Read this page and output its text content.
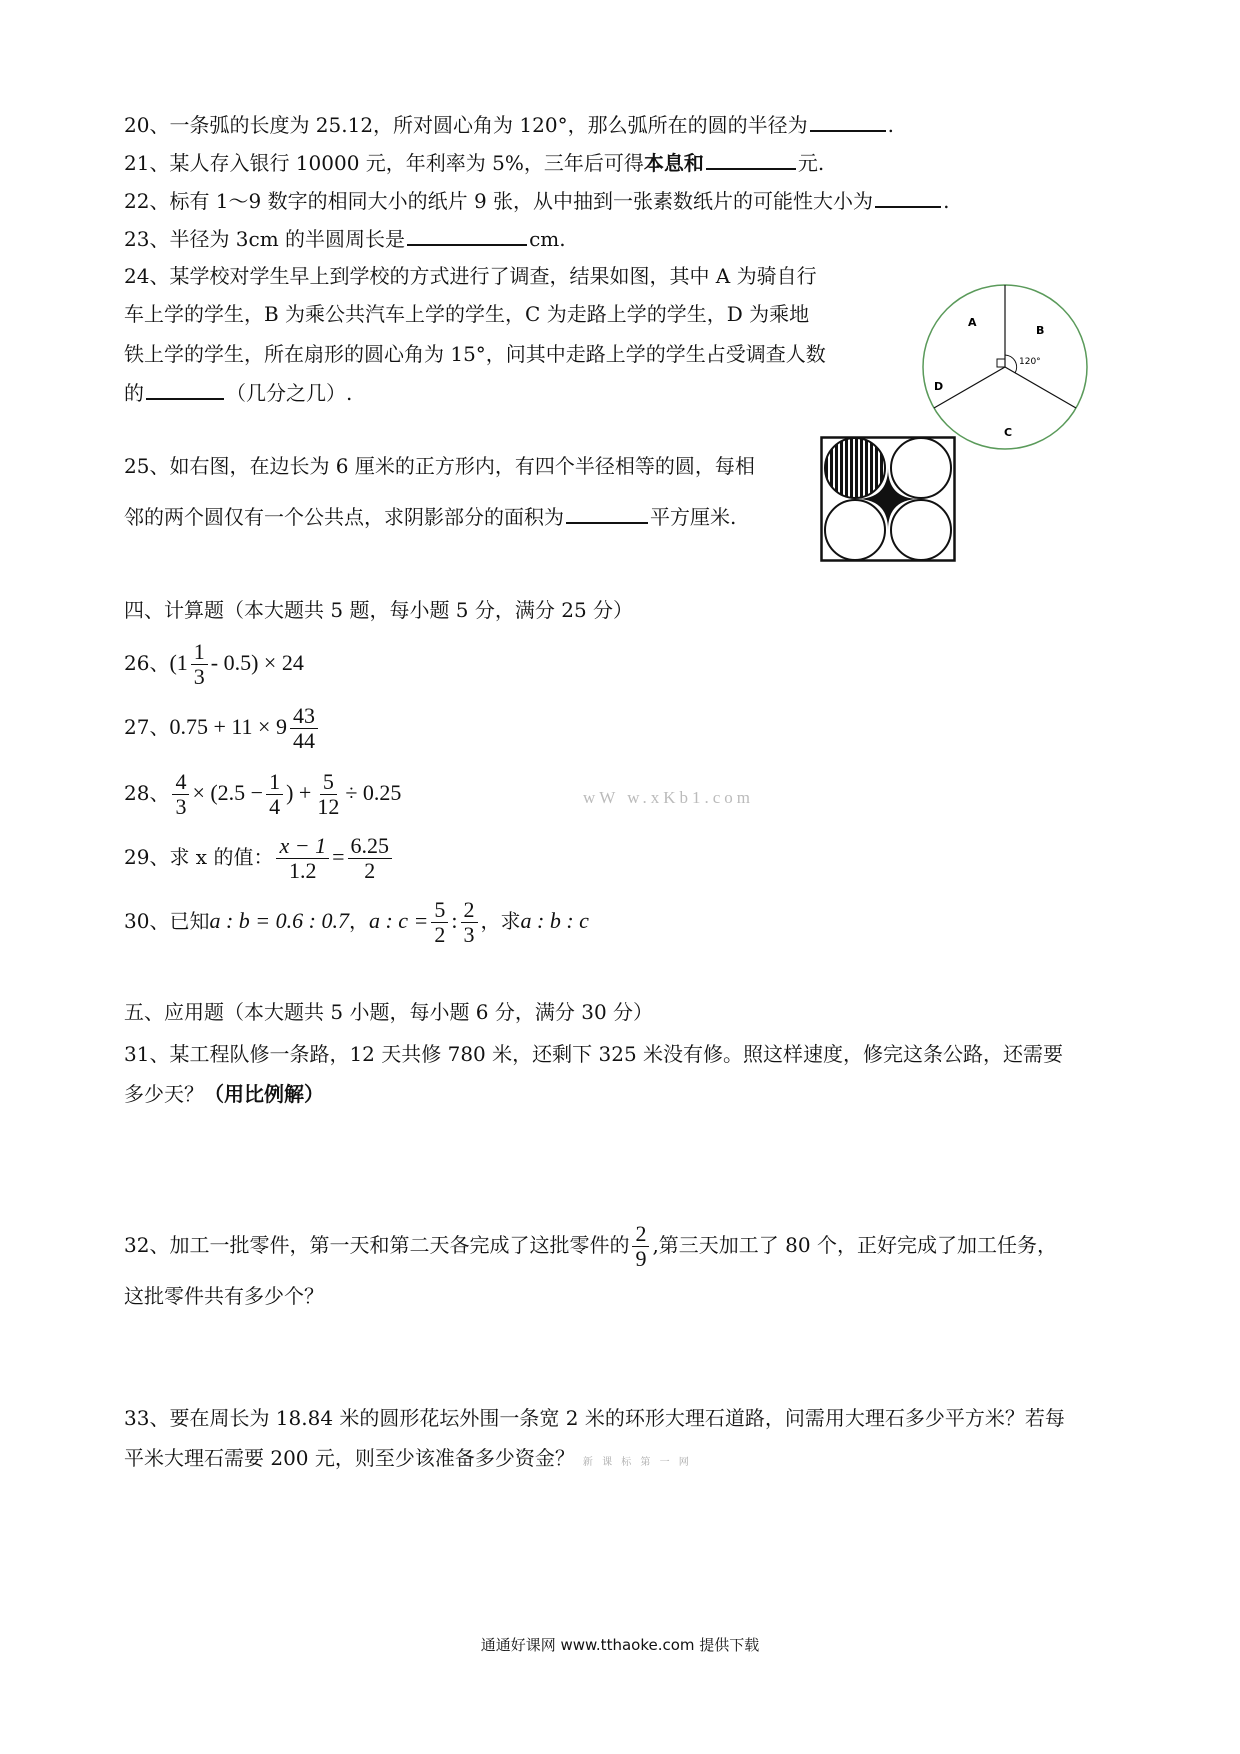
20、一条弧的长度为 25.12，所对圆心角为 120°，那么弧所在的圆的半径为	.
21、某人存入银行 10000 元，年利率为 5%，三年后可得本息和	元.
22、标有 1～9 数字的相同大小的纸片 9 张，从中抽到一张素数纸片的可能性大小为	.
23、半径为 3cm 的半圆周长是	cm.
24、某学校对学生早上到学校的方式进行了调查，结果如图，其中 A 为骑自行
车上学的学生，B 为乘公共汽车上学的学生，C 为走路上学的学生，D 为乘地
铁上学的学生，所在扇形的圆心角为 15°，问其中走路上学的学生占受调查人数
的	（几分之几）.
A
B
C
D
120°
25、如右图，在边长为 6 厘米的正方形内，有四个半径相等的圆，每相
邻的两个圆仅有一个公共点，求阴影部分的面积为	平方厘米.
四、计算题（本大题共 5 题，每小题 5 分，满分 25 分）
26、$(1 \frac{1}{3} - 0.5) \times 24$
27、$0.75 + 11 \times 9 \frac{43}{44}$
28、 $\frac{4}{3} \times (2.5 - \frac{1}{4}$ ) + $\frac{5}{12} \div 0.25$	wW w.xKb1.com
29、求 x 的值： $\frac{x - 1}{1.2} = \frac{6.25}{2}$
30、已知a : b = 0.6 : 0.7，a : $c = \frac{5}{2}$ : $\frac{2}{3}$ ，求a : b : c
五、应用题（本大题共 5 小题，每小题 6 分，满分 30 分）
31、某工程队修一条路，12 天共修 780 米，还剩下 325 米没有修。照这样速度，修完这条公路，还需要
多少天？（用比例解）
32、加工一批零件，第一天和第二天各完成了这批零件的 $\frac{2}{9}$ ,第三天加工了 80 个，正好完成了加工任务，
这批零件共有多少个？
33、要在周长为 18.84 米的圆形花坛外围一条宽 2 米的环形大理石道路，问需用大理石多少平方米？若每
平米大理石需要 200 元，则至少该准备多少资金？ 新 课 标 第 一 网
通通好课网 www.tthaoke.com 提供下载
